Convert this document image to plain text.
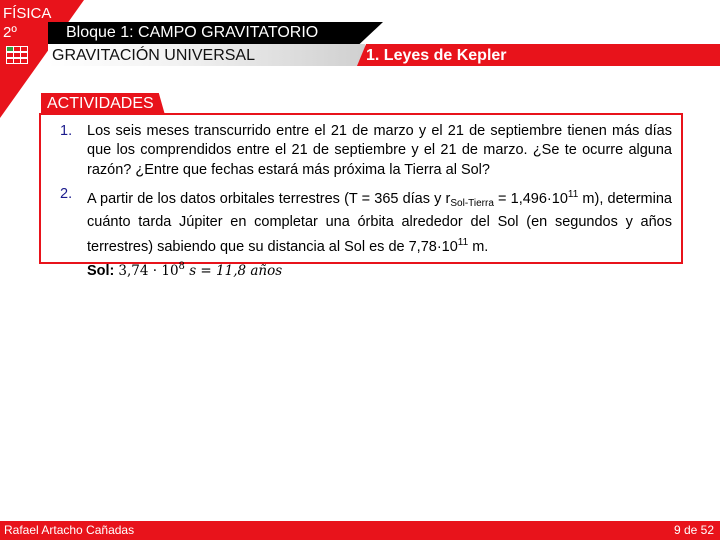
FÍSICA
2º	Bloque 1: CAMPO GRAVITATORIO
GRAVITACIÓN UNIVERSAL	1. Leyes de Kepler
ACTIVIDADES
1. Los seis meses transcurrido entre el 21 de marzo y el 21 de septiembre tienen más días que los comprendidos entre el 21 de septiembre y el 21 de marzo. ¿Se te ocurre alguna razón? ¿Entre que fechas estará más próxima la Tierra al Sol?
2. A partir de los datos orbitales terrestres (T = 365 días y $r_{Sol-Tierra} = 1,496\cdot 10^{11}$ m), determina cuánto tarda Júpiter en completar una órbita alrededor del Sol (en segundos y años terrestres) sabiendo que su distancia al Sol es de $7,78\cdot 10^{11}$ m.
Sol: $3,74 \cdot 10^8$ s = 11,8 años
Rafael Artacho Cañadas	9 de 52
